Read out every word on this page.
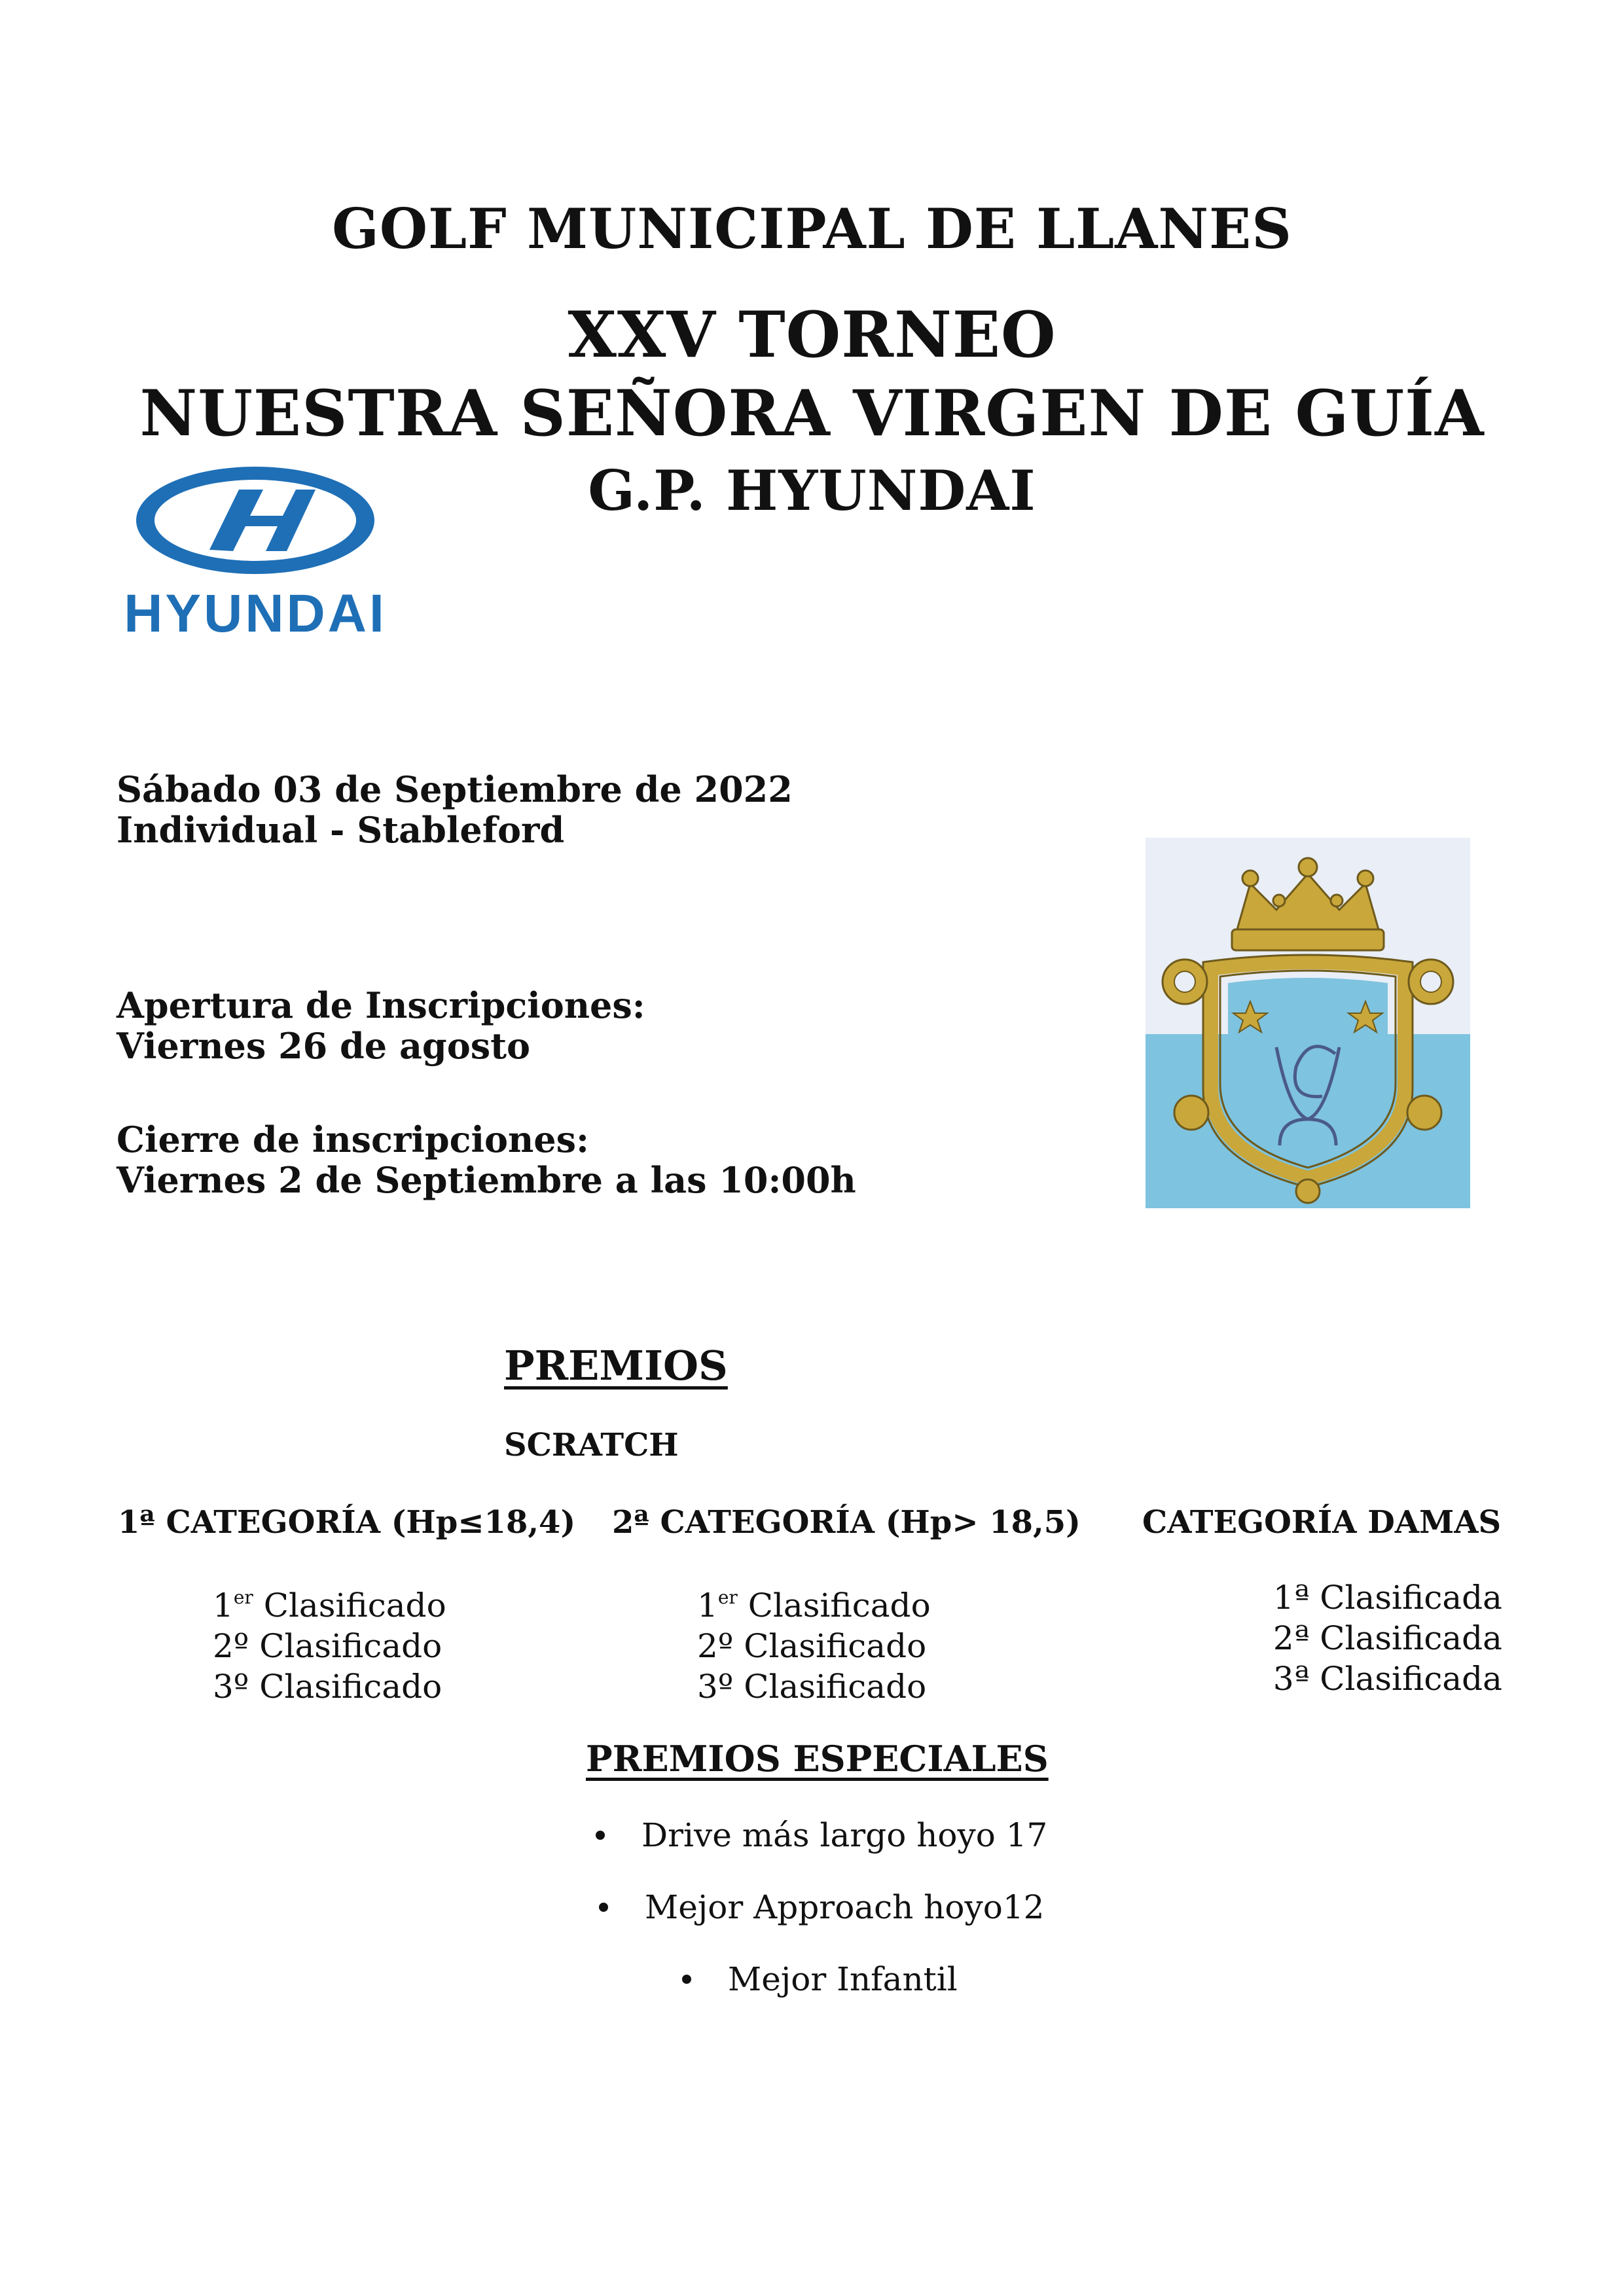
GOLF MUNICIPAL DE LLANES
XXV TORNEO
NUESTRA SEÑORA VIRGEN DE GUÍA
G.P. HYUNDAI
HYUNDAI
Sábado 03 de Septiembre de 2022
Individual - Stableford
Apertura de Inscripciones:
Viernes 26 de agosto
Cierre de inscripciones:
Viernes 2 de Septiembre a las 10:00h
PREMIOS
SCRATCH
1ª CATEGORÍA (Hp≤18,4) 2ª CATEGORÍA (Hp> 18,5) CATEGORÍA DAMAS
1er Clasificado
2º Clasificado
3º Clasificado
1er Clasificado
2º Clasificado
3º Clasificado
1ª Clasificada
2ª Clasificada
3ª Clasificada
PREMIOS ESPECIALES
Drive más largo hoyo 17
Mejor Approach hoyo12
Mejor Infantil
